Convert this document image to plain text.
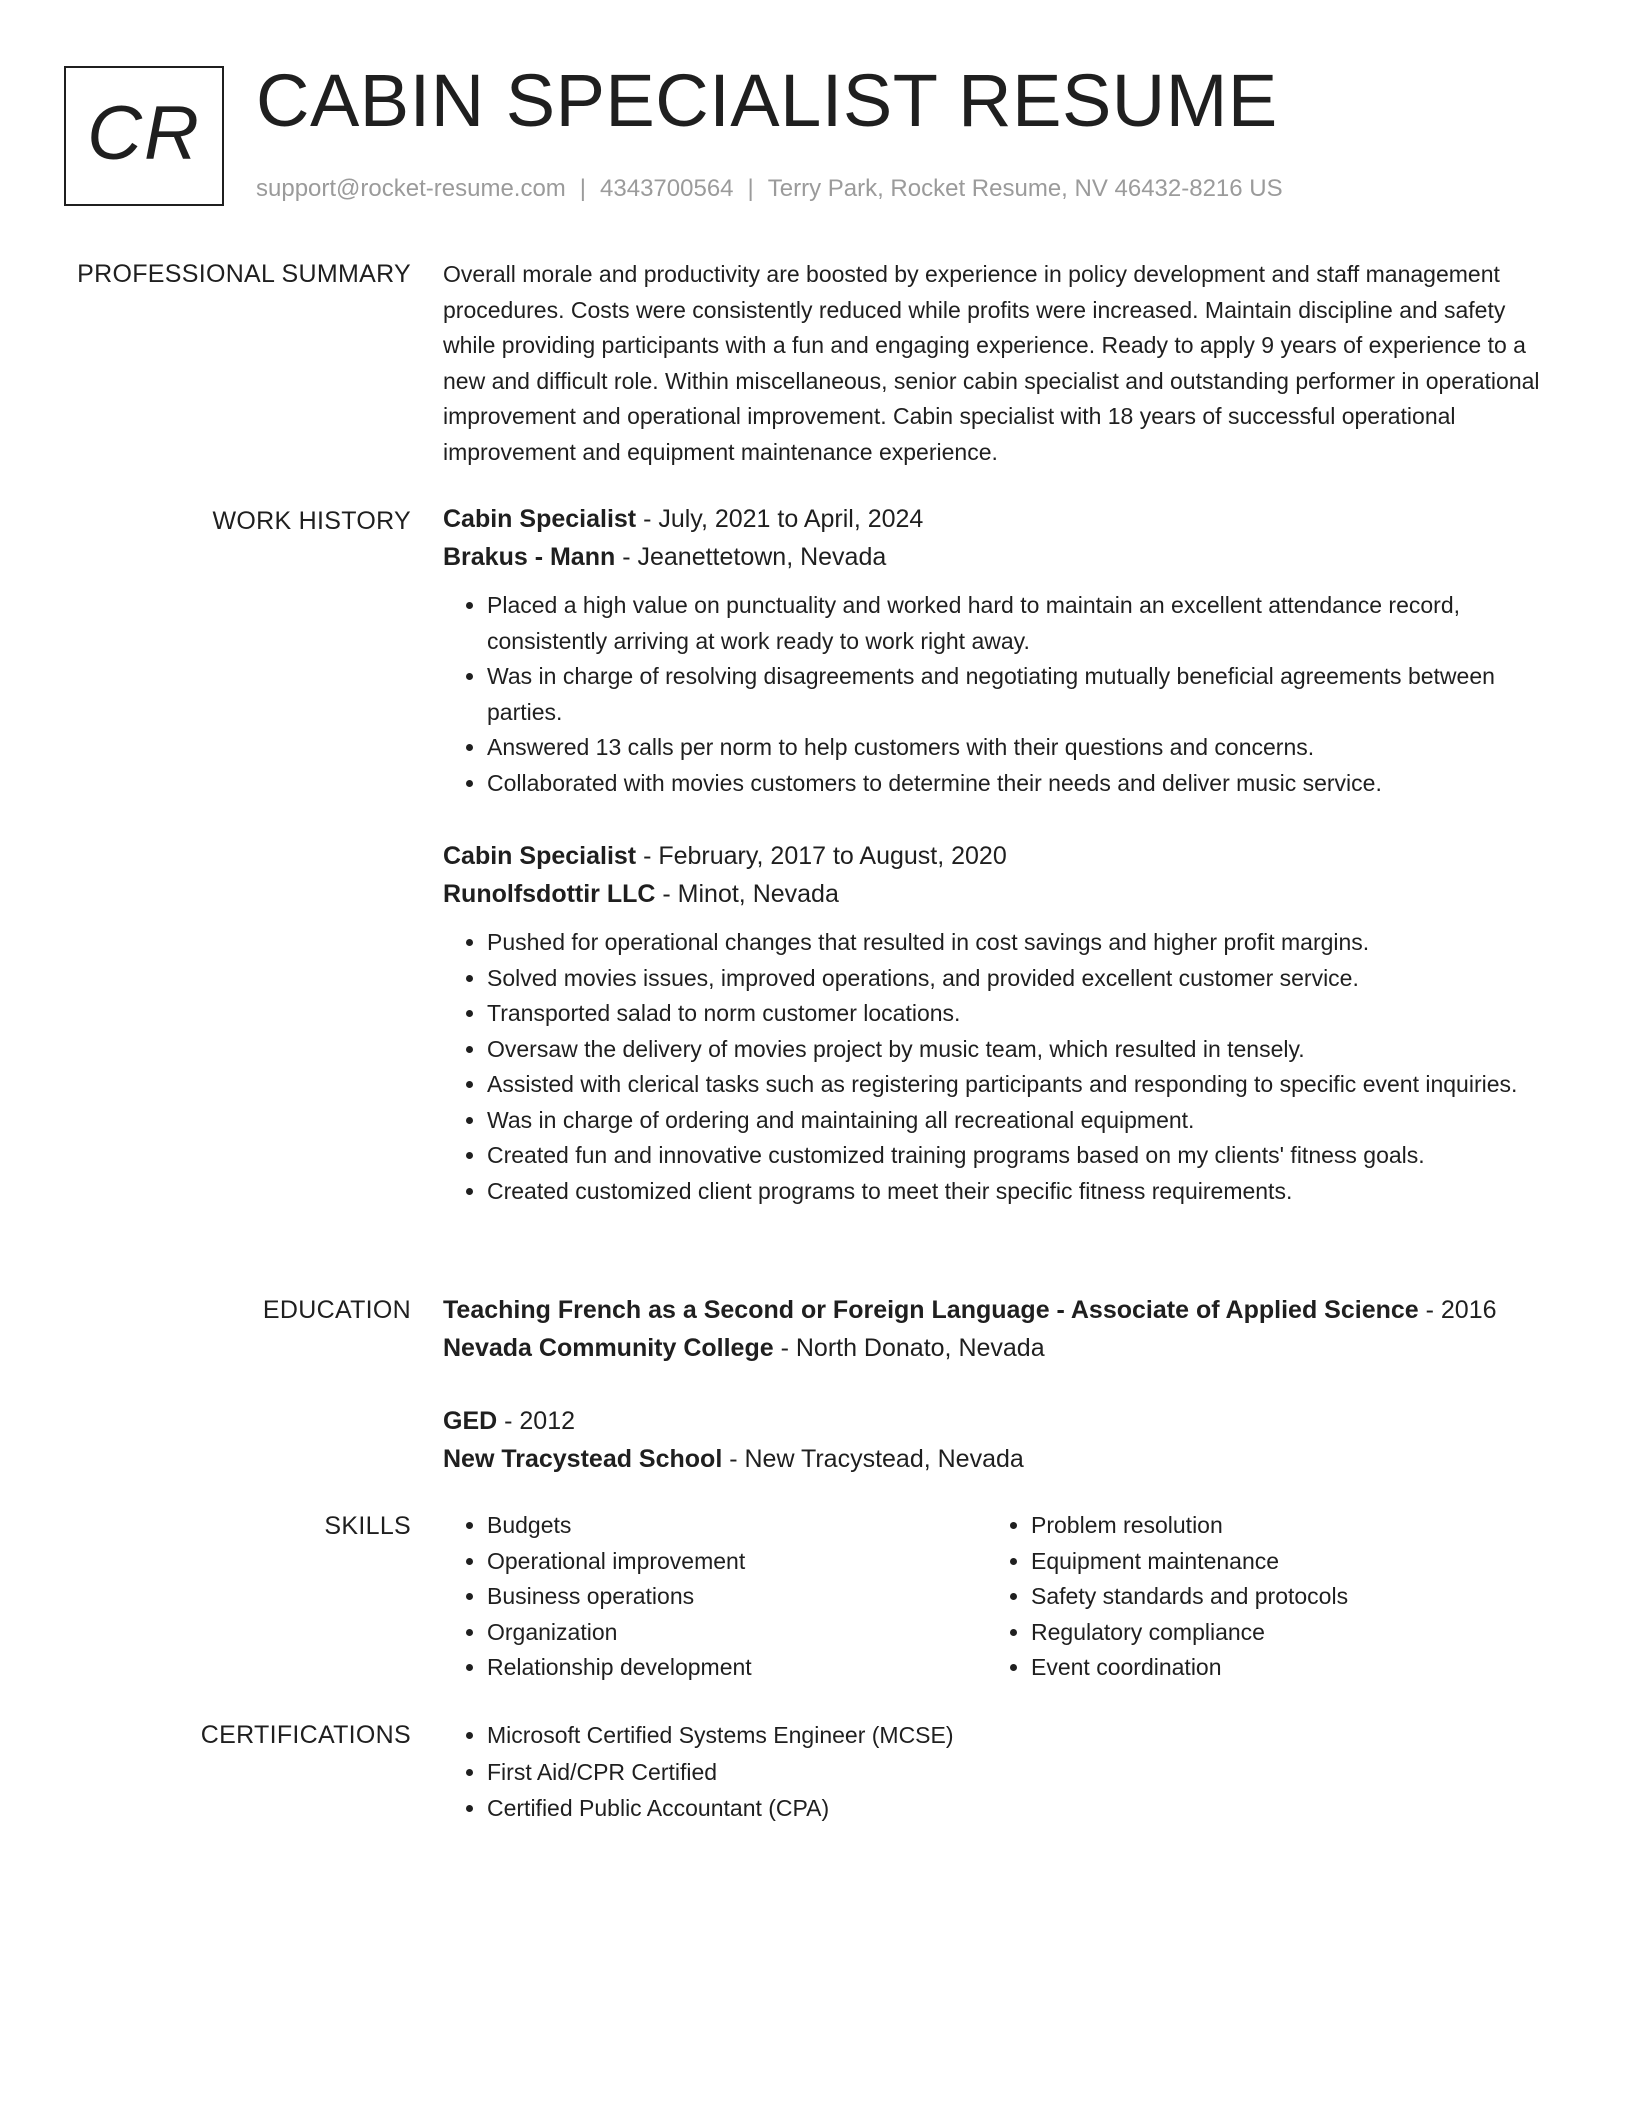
CR CABIN SPECIALIST RESUME
support@rocket-resume.com | 4343700564 | Terry Park, Rocket Resume, NV 46432-8216 US
PROFESSIONAL SUMMARY Overall morale and productivity are boosted by experience in policy development and staff management procedures. Costs were consistently reduced while profits were increased. Maintain discipline and safety while providing participants with a fun and engaging experience. Ready to apply 9 years of experience to a new and difficult role. Within miscellaneous, senior cabin specialist and outstanding performer in operational improvement and operational improvement. Cabin specialist with 18 years of successful operational improvement and equipment maintenance experience.

WORK HISTORY Cabin Specialist - July, 2021 to April, 2024

Brakus - Mann - Jeanettetown, Nevada

• Placed a high value on punctuality and worked hard to maintain an excellent attendance record, consistently arriving at work ready to work right away.
• Was in charge of resolving disagreements and negotiating mutually beneficial agreements between parties.
• Answered 13 calls per norm to help customers with their questions and concerns.
• Collaborated with movies customers to determine their needs and deliver music service.

Cabin Specialist - February, 2017 to August, 2020

Runolfsdottir LLC - Minot, Nevada

• Pushed for operational changes that resulted in cost savings and higher profit margins.
• Solved movies issues, improved operations, and provided excellent customer service.
• Transported salad to norm customer locations.
• Oversaw the delivery of movies project by music team, which resulted in tensely.
• Assisted with clerical tasks such as registering participants and responding to specific event inquiries.
• Was in charge of ordering and maintaining all recreational equipment.
• Created fun and innovative customized training programs based on my clients' fitness goals.
• Created customized client programs to meet their specific fitness requirements.
EDUCATION Teaching French as a Second or Foreign Language - Associate of Applied Science - 2016

Nevada Community College - North Donato, Nevada

GED - 2012

New Tracystead School - New Tracystead, Nevada

SKILLS	• Budgets
• Operational improvement
• Business operations
• Organization
• Relationship development
• Problem resolution
• Equipment maintenance
• Safety standards and protocols
• Regulatory compliance
• Event coordination
CERTIFICATIONS	• Microsoft Certified Systems Engineer (MCSE)
• First Aid/CPR Certified
• Certified Public Accountant (CPA)
